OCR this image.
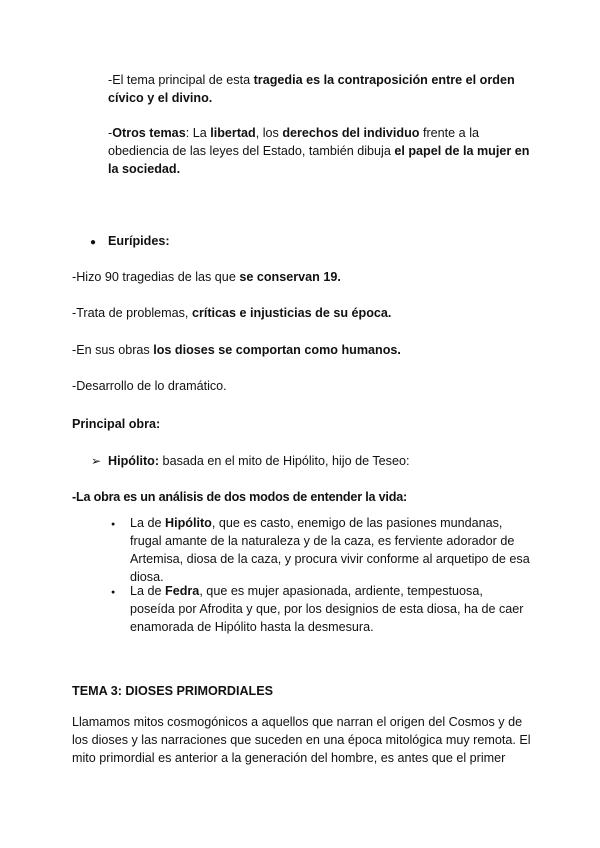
-El tema principal de esta tragedia es la contraposición entre el orden cívico y el divino.
-Otros temas: La libertad, los derechos del individuo frente a la obediencia de las leyes del Estado, también dibuja el papel de la mujer en la sociedad.
● Eurípides:
-Hizo 90 tragedias de las que se conservan 19.
-Trata de problemas, críticas e injusticias de su época.
-En sus obras los dioses se comportan como humanos.
-Desarrollo de lo dramático.
Principal obra:
➢ Hipólito: basada en el mito de Hipólito, hijo de Teseo:
-La obra es un análisis de dos modos de entender la vida:
● La de Hipólito, que es casto, enemigo de las pasiones mundanas, frugal amante de la naturaleza y de la caza, es ferviente adorador de Artemisa, diosa de la caza, y procura vivir conforme al arquetipo de esa diosa.
● La de Fedra, que es mujer apasionada, ardiente, tempestuosa, poseída por Afrodita y que, por los designios de esta diosa, ha de caer enamorada de Hipólito hasta la desmesura.
TEMA 3: DIOSES PRIMORDIALES
Llamamos mitos cosmogónicos a aquellos que narran el origen del Cosmos y de los dioses y las narraciones que suceden en una época mitológica muy remota. El mito primordial es anterior a la generación del hombre, es antes que el primer
